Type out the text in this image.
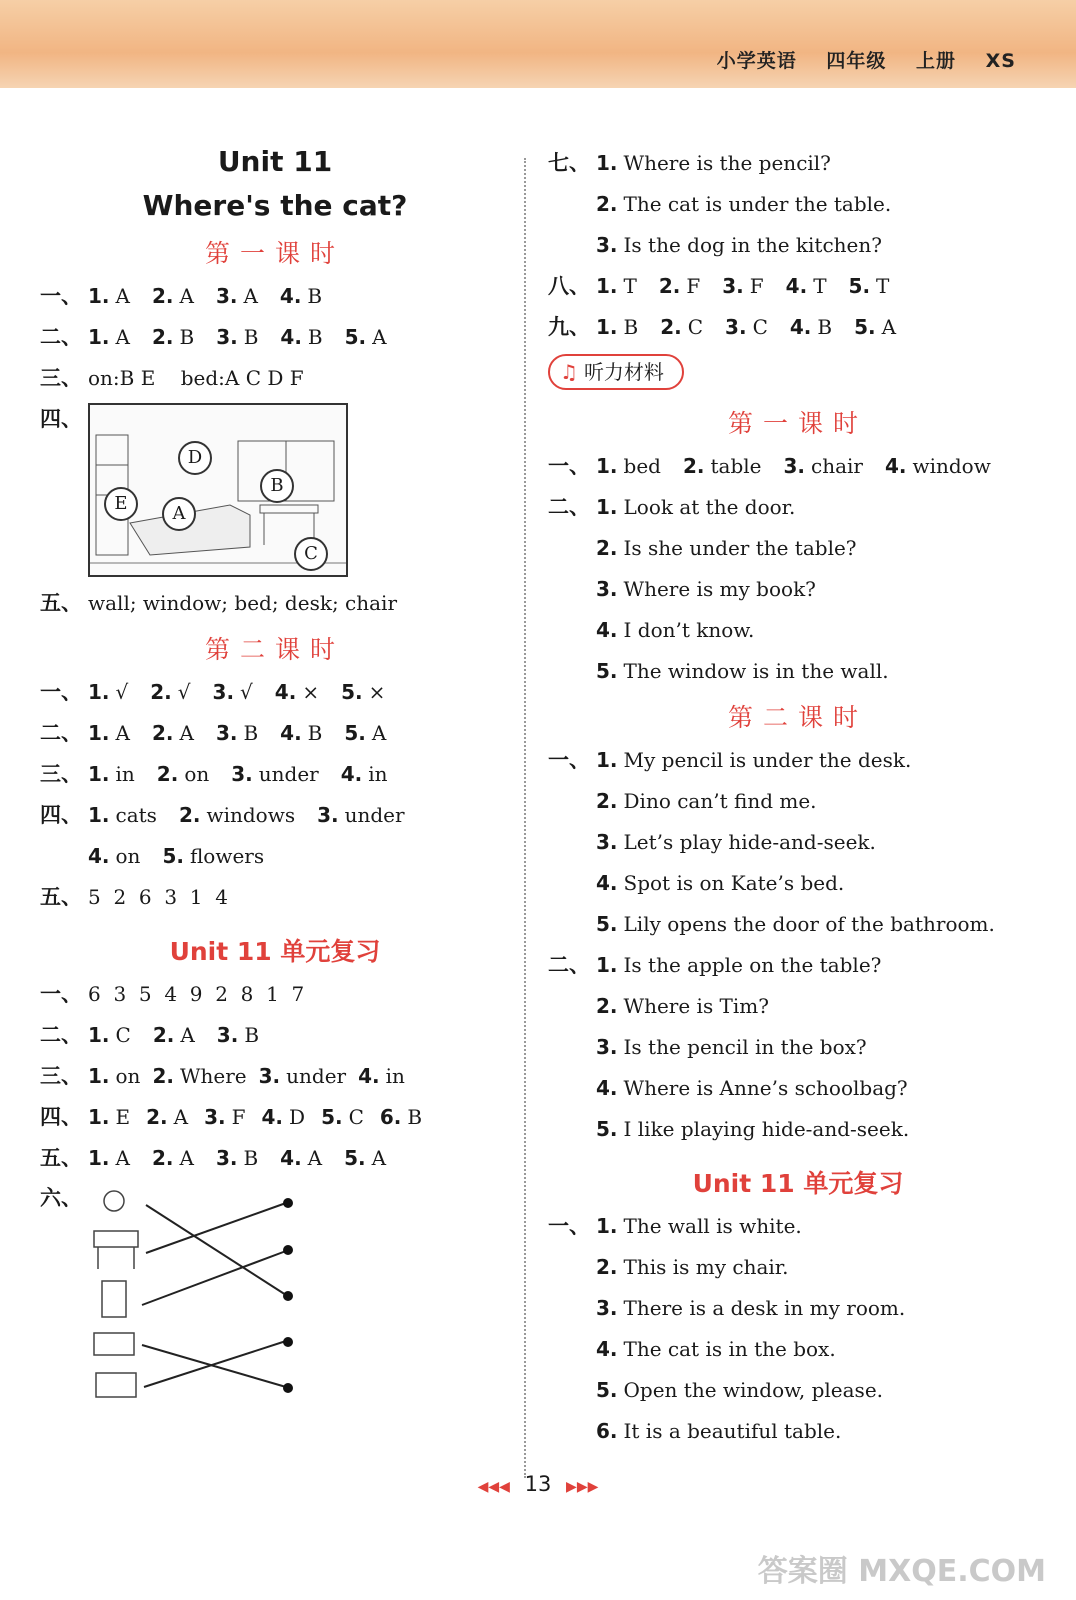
小学英语 四年级 上册 XS
Unit 11
Where's the cat?
第一课时
一、 1. A 2. A 3. A 4. B
二、 1. A 2. B 3. B 4. B 5. A
三、 on:B E    bed:A C D F
四、
D
B
E	A
C
五、 wall; window; bed; desk; chair
第二课时
一、 1. √ 2. √ 3. √ 4. × 5. ×
二、 1. A 2. A 3. B 4. B 5. A
三、 1. in 2. on 3. under 4. in
四、 1. cats 2. windows 3. under
4. on 5. flowers
五、 5  2  6  3  1  4
Unit 11 单元复习
一、 6  3  5  4  9  2  8  1  7
二、 1. C 2. A 3. B
三、 1. on 2. Where 3. under 4. in
四、 1. E 2. A 3. F 4. D 5. C 6. B
五、 1. A 2. A 3. B 4. A 5. A
六、
七、 1. Where is the pencil?
2. The cat is under the table.
3. Is the dog in the kitchen?
八、 1. T 2. F 3. F 4. T 5. T
九、 1. B 2. C 3. C 4. B 5. A
♫ 听力材料
第一课时
一、 1. bed 2. table 3. chair 4. window
二、 1. Look at the door.
2. Is she under the table?
3. Where is my book?
4. I don’t know.
5. The window is in the wall.
第二课时
一、 1. My pencil is under the desk.
2. Dino can’t find me.
3. Let’s play hide-and-seek.
4. Spot is on Kate’s bed.
5. Lily opens the door of the bathroom.
二、 1. Is the apple on the table?
2. Where is Tim?
3. Is the pencil in the box?
4. Where is Anne’s schoolbag?
5. I like playing hide-and-seek.
Unit 11 单元复习
一、 1. The wall is white.
2. This is my chair.
3. There is a desk in my room.
4. The cat is in the box.
5. Open the window, please.
6. It is a beautiful table.
◀◀◀ 13 ▶▶▶
答案圈 MXQE.COM
